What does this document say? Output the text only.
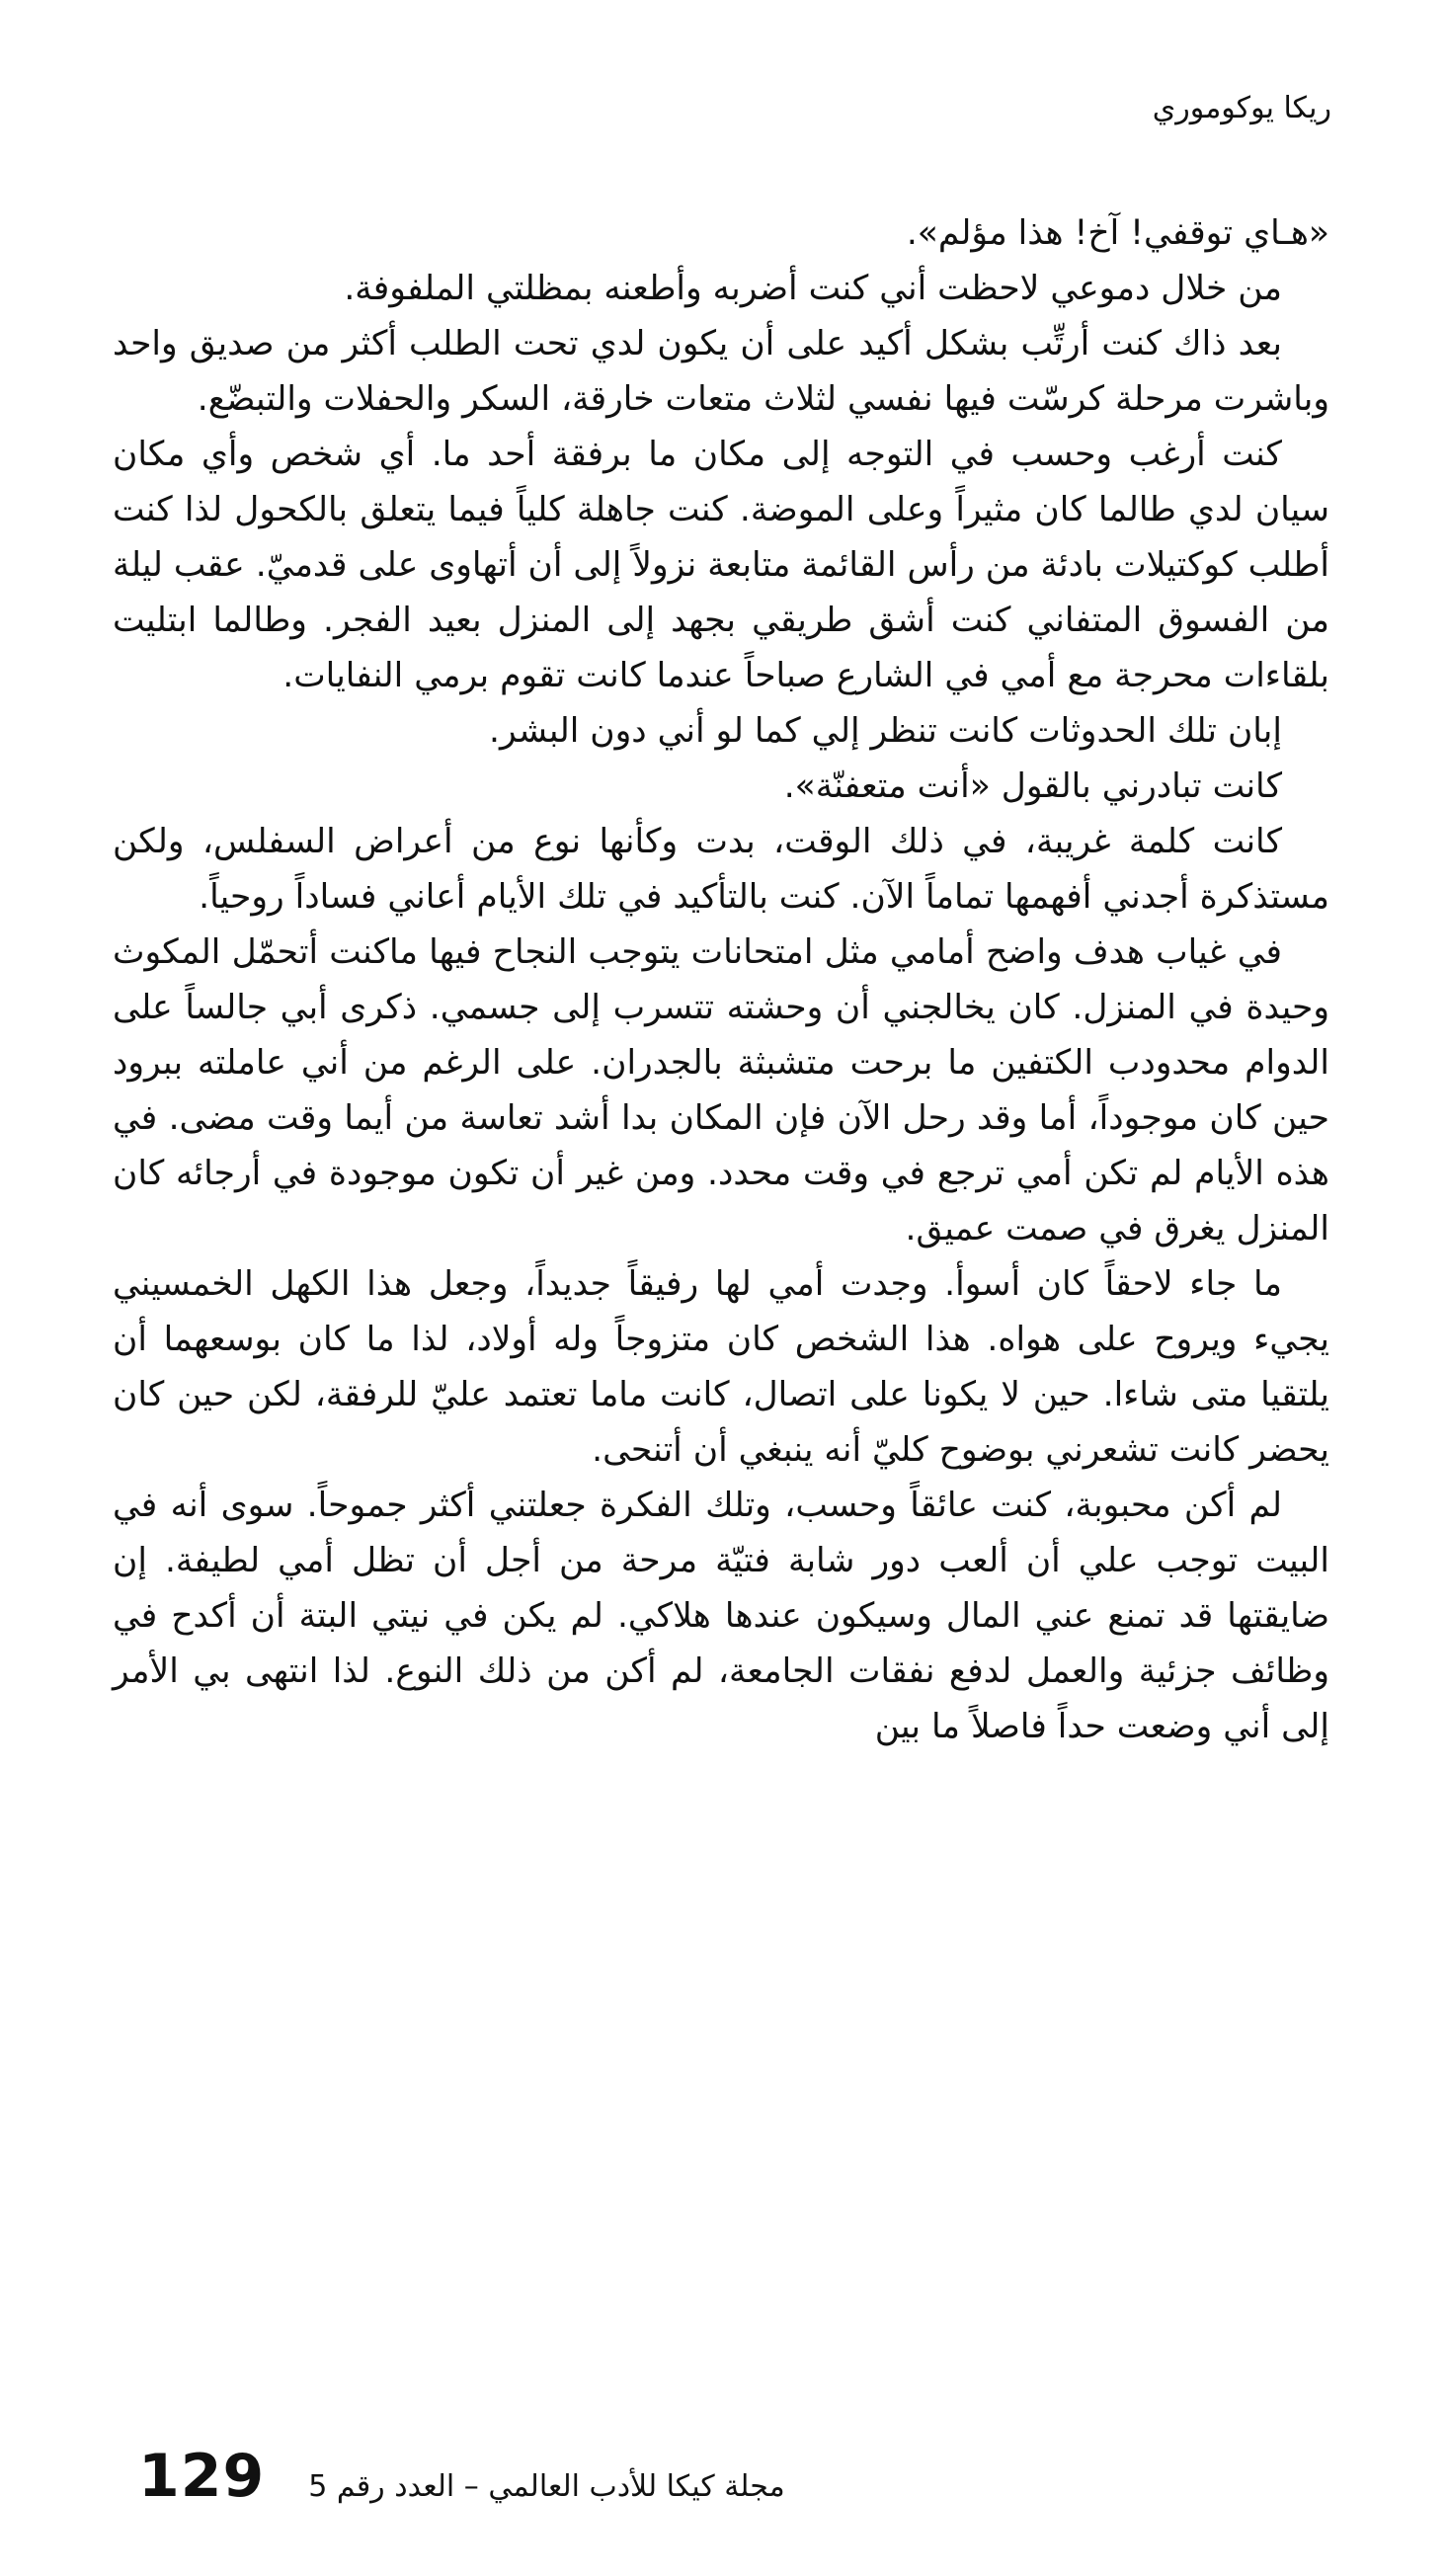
ريكا يوكوموري

«هـاي توقفي! آخ! هذا مؤلم».

من خلال دموعي لاحظت أني كنت أضربه وأطعنه بمظلتي الملفوفة.

بعد ذاك كنت أرتِّب بشكل أكيد على أن يكون لدي تحت الطلب أكثر من صديق واحد وباشرت مرحلة كرسّت فيها نفسي لثلاث متعات خارقة، السكر والحفلات والتبضّع.

كنت أرغب وحسب في التوجه إلى مكان ما برفقة أحد ما. أي شخص وأي مكان سيان لدي طالما كان مثيراً وعلى الموضة. كنت جاهلة كلياً فيما يتعلق بالكحول لذا كنت أطلب كوكتيلات بادئة من رأس القائمة متابعة نزولاً إلى أن أتهاوى على قدميّ. عقب ليلة من الفسوق المتفاني كنت أشق طريقي بجهد إلى المنزل بعيد الفجر. وطالما ابتليت بلقاءات محرجة مع أمي في الشارع صباحاً عندما كانت تقوم برمي النفايات.

إبان تلك الحدوثات كانت تنظر إلي كما لو أني دون البشر.

كانت تبادرني بالقول «أنت متعفنّة».

كانت كلمة غريبة، في ذلك الوقت، بدت وكأنها نوع من أعراض السفلس، ولكن مستذكرة أجدني أفهمها تماماً الآن. كنت بالتأكيد في تلك الأيام أعاني فساداً روحياً.

في غياب هدف واضح أمامي مثل امتحانات يتوجب النجاح فيها ماكنت أتحمّل المكوث وحيدة في المنزل. كان يخالجني أن وحشته تتسرب إلى جسمي. ذكرى أبي جالساً على الدوام محدودب الكتفين ما برحت متشبثة بالجدران. على الرغم من أني عاملته ببرود حين كان موجوداً، أما وقد رحل الآن فإن المكان بدا أشد تعاسة من أيما وقت مضى. في هذه الأيام لم تكن أمي ترجع في وقت محدد. ومن غير أن تكون موجودة في أرجائه كان المنزل يغرق في صمت عميق.

ما جاء لاحقاً كان أسوأ. وجدت أمي لها رفيقاً جديداً، وجعل هذا الكهل الخمسيني يجيء ويروح على هواه. هذا الشخص كان متزوجاً وله أولاد، لذا ما كان بوسعهما أن يلتقيا متى شاءا. حين لا يكونا على اتصال، كانت ماما تعتمد عليّ للرفقة، لكن حين كان يحضر كانت تشعرني بوضوح كليّ أنه ينبغي أن أتنحى.

لم أكن محبوبة، كنت عائقاً وحسب، وتلك الفكرة جعلتني أكثر جموحاً. سوى أنه في البيت توجب علي أن ألعب دور شابة فتيّة مرحة من أجل أن تظل أمي لطيفة. إن ضايقتها قد تمنع عني المال وسيكون عندها هلاكي. لم يكن في نيتي البتة أن أكدح في وظائف جزئية والعمل لدفع نفقات الجامعة، لم أكن من ذلك النوع. لذا انتهى بي الأمر إلى أني وضعت حداً فاصلاً ما بين

129 مجلة كيكا للأدب العالمي – العدد رقم 5
